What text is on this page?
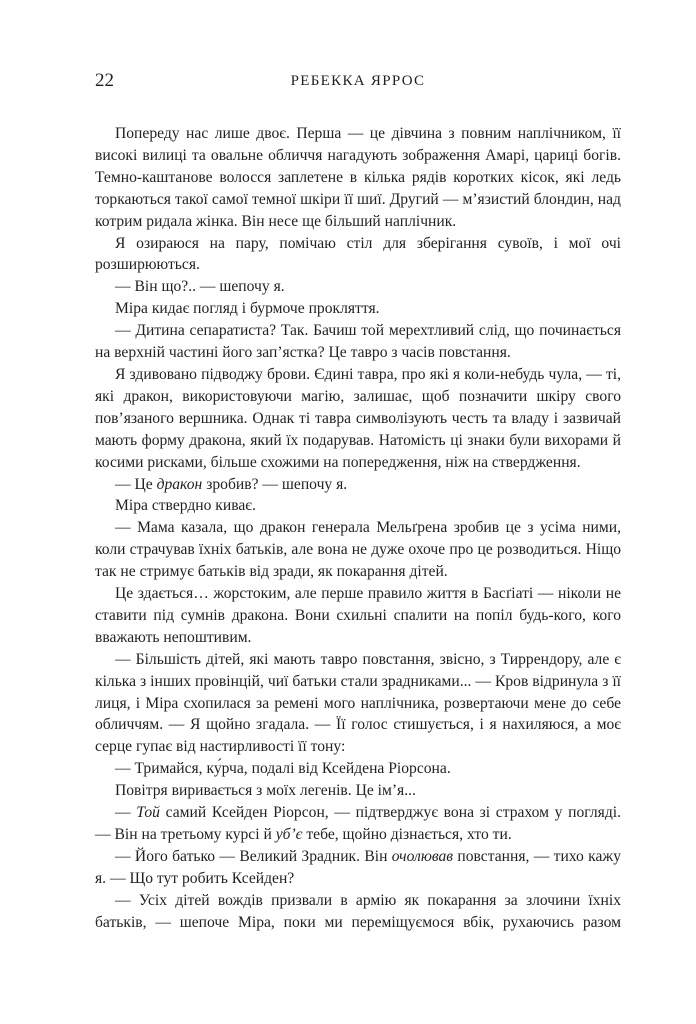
22	РЕБЕККА ЯРРОС

Попереду нас лише двоє. Перша — це дівчина з повним наплічником, її високі вилиці та овальне обличчя нагадують зображення Амарі, цариці богів. Темно-каштанове волосся заплетене в кілька рядів коротких кісок, які ледь торкаються такої самої темної шкіри її шиї. Другий — м’язистий блондин, над котрим ридала жінка. Він несе ще більший наплічник.

Я озираюся на пару, помічаю стіл для зберігання сувоїв, і мої очі розширюються.

— Він що?.. — шепочу я.

Міра кидає погляд і бурмоче прокляття.

— Дитина сепаратиста? Так. Бачиш той мерехтливий слід, що починається на верхній частині його зап’ястка? Це тавро з часів повстання.

Я здивовано підводжу брови. Єдині тавра, про які я коли-небудь чула, — ті, які дракон, використовуючи магію, залишає, щоб позначити шкіру свого пов’язаного вершника. Однак ті тавра символізують честь та владу і зазвичай мають форму дракона, який їх подарував. Натомість ці знаки були вихорами й косими рисками, більше схожими на попередження, ніж на ствердження.

— Це дракон зробив? — шепочу я.

Міра ствердно киває.

— Мама казала, що дракон генерала Мельґрена зробив це з усіма ними, коли страчував їхніх батьків, але вона не дуже охоче про це розводиться. Ніщо так не стримує батьків від зради, як покарання дітей.

Це здається… жорстоким, але перше правило життя в Басґіаті — ніколи не ставити під сумнів дракона. Вони схильні спалити на попіл будь-кого, кого вважають непоштивим.

— Більшість дітей, які мають тавро повстання, звісно, з Тиррендору, але є кілька з інших провінцій, чиї батьки стали зрадниками... — Кров відринула з її лиця, і Міра схопилася за ремені мого наплічника, розвертаючи мене до себе обличчям. — Я щойно згадала. — Її голос стишується, і я нахиляюся, а моє серце гупає від настирливості її тону:

— Тримайся, ку́рча, подалі від Ксейдена Ріорсона.

Повітря виривається з моїх легенів. Це ім’я...

— Той самий Ксейден Ріорсон, — підтверджує вона зі страхом у погляді. — Він на третьому курсі й уб’є тебе, щойно дізнається, хто ти.

— Його батько — Великий Зрадник. Він очолював повстання, — тихо кажу я. — Що тут робить Ксейден?

— Усіх дітей вождів призвали в армію як покарання за злочини їхніх батьків, — шепоче Міра, поки ми переміщуємося вбік, рухаючись разом
